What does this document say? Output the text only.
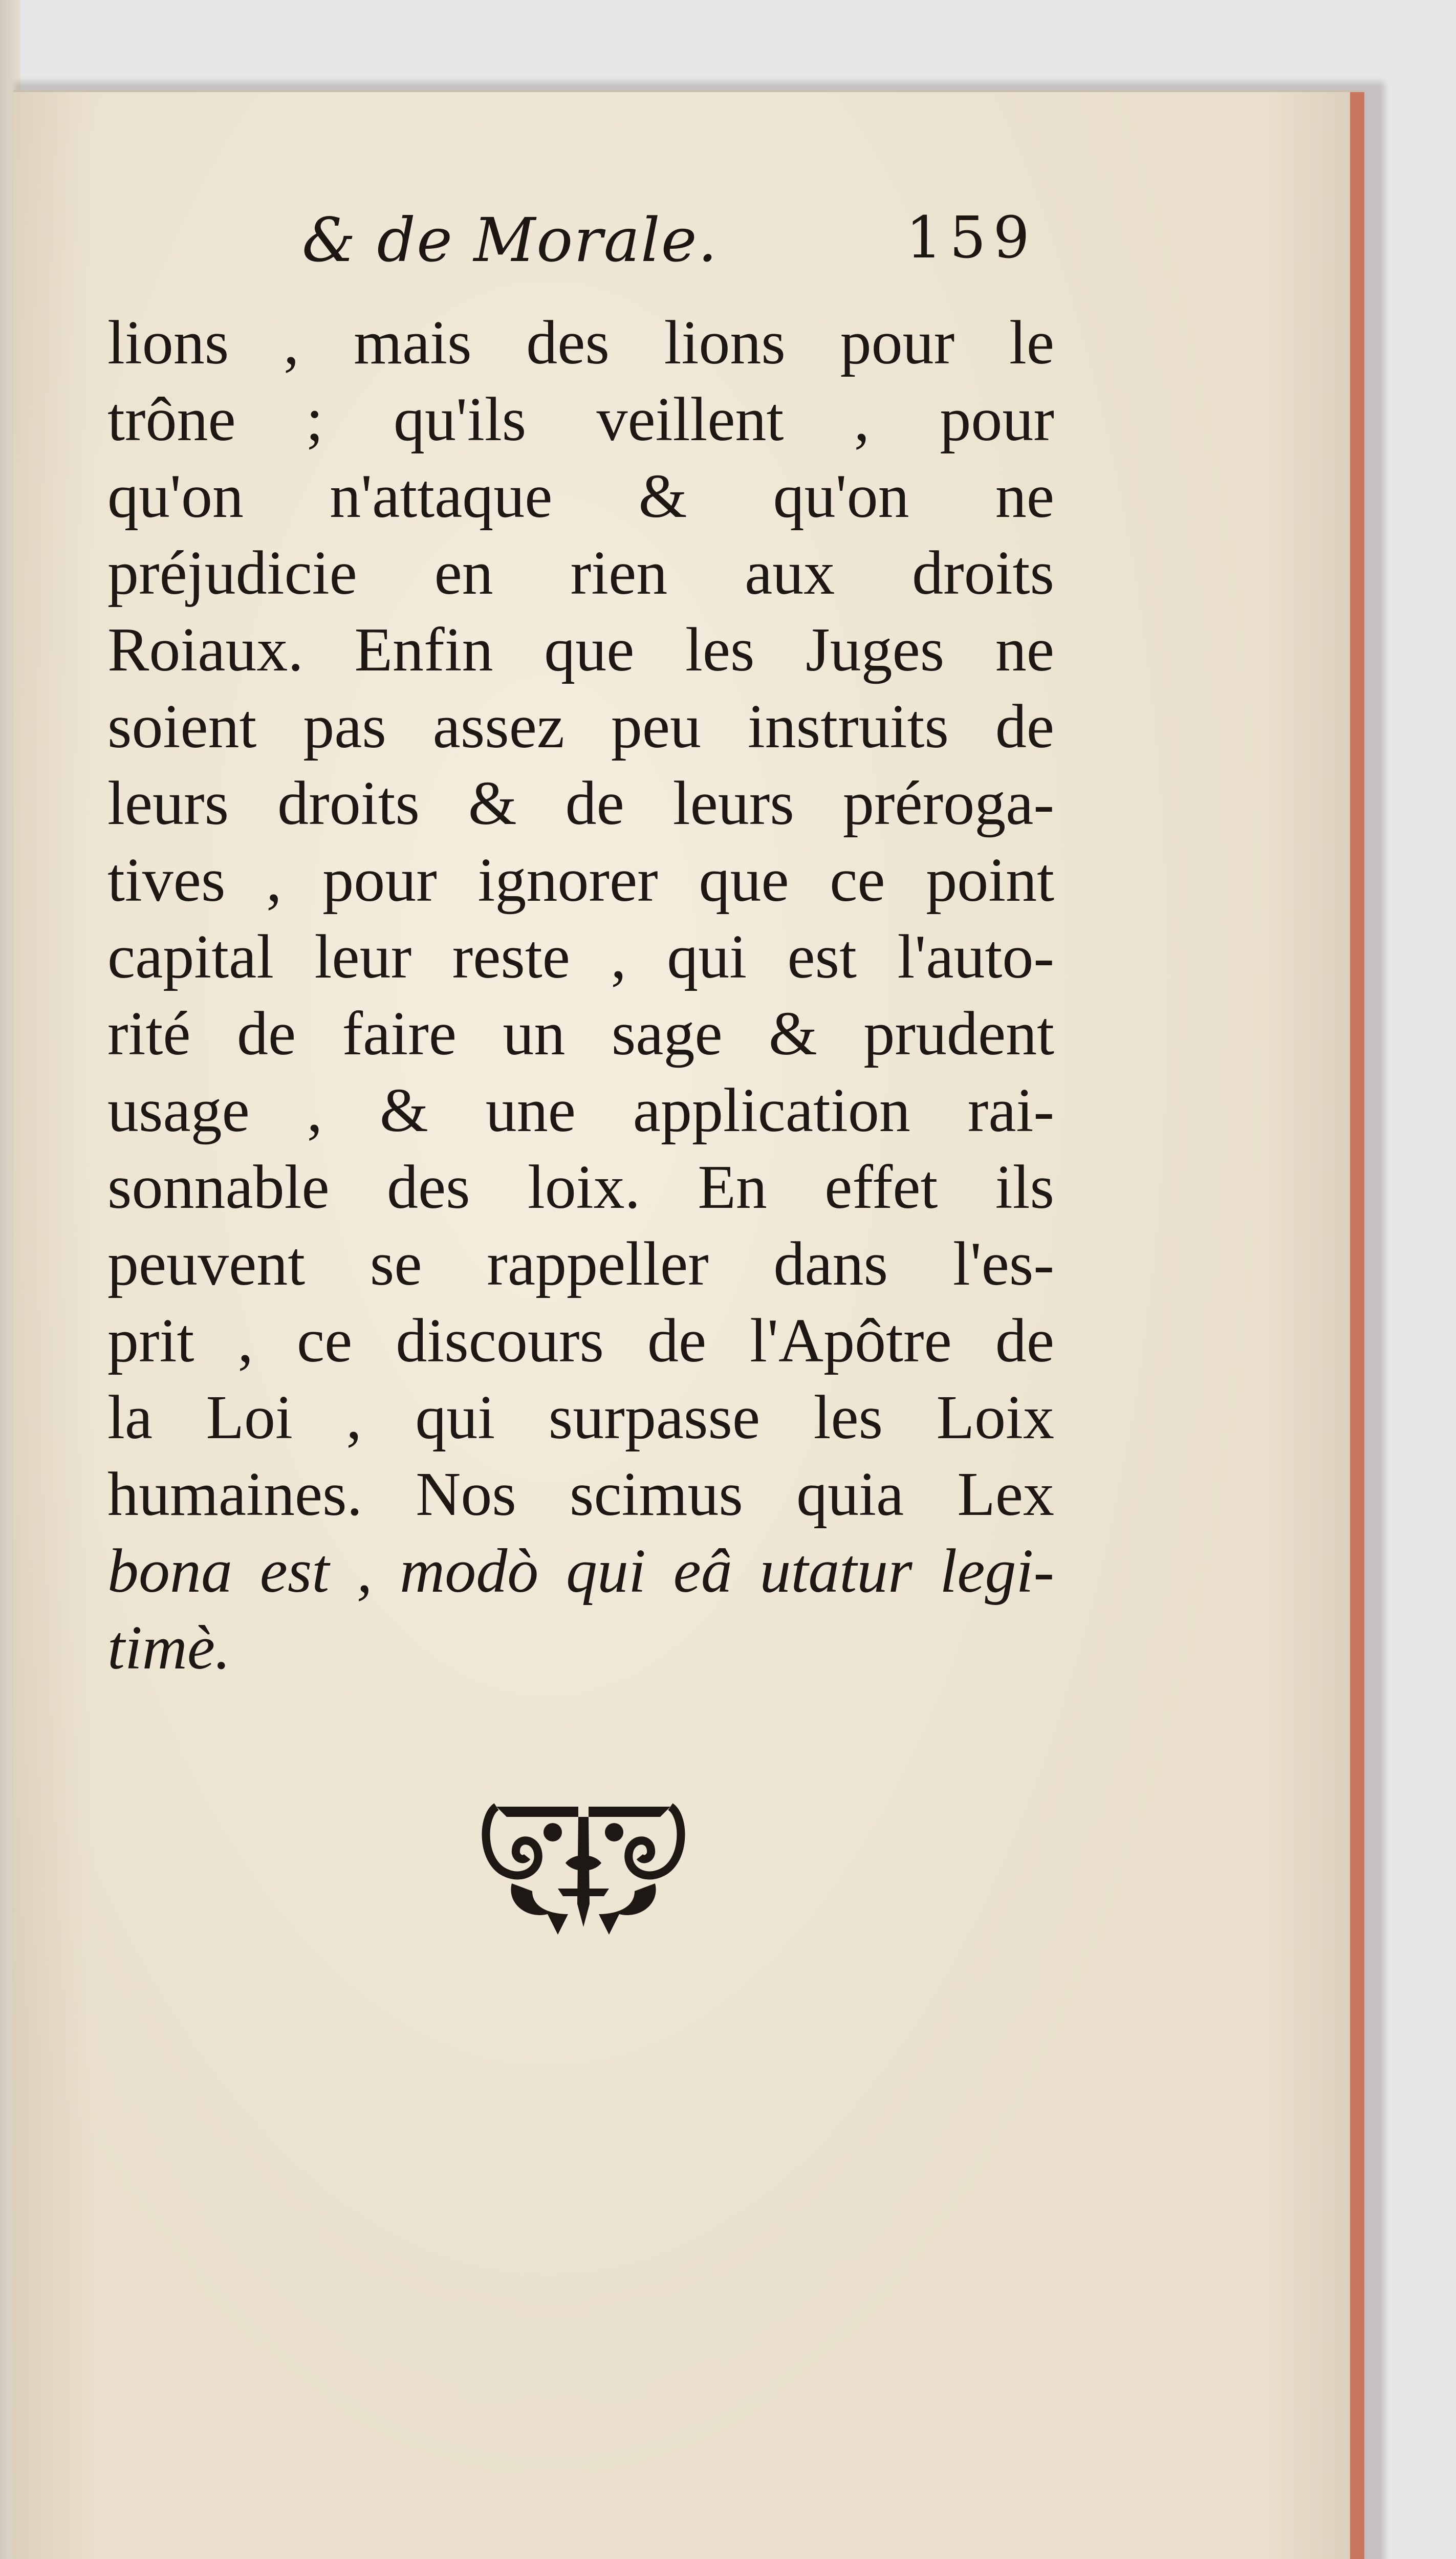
& de Morale.	159
lions , mais des lions pour le
trône ; qu'ils veillent , pour
qu'on n'attaque & qu'on ne
préjudicie en rien aux droits
Roiaux. Enfin que les Juges ne
soient pas assez peu instruits de
leurs droits & de leurs préroga-
tives , pour ignorer que ce point
capital leur reste , qui est l'auto-
rité de faire un sage & prudent
usage , & une application rai-
sonnable des loix. En effet ils
peuvent se rappeller dans l'es-
prit , ce discours de l'Apôtre de
la Loi , qui surpasse les Loix
humaines. Nos scimus quia Lex
bona est , modò qui eâ utatur legi-
timè.
